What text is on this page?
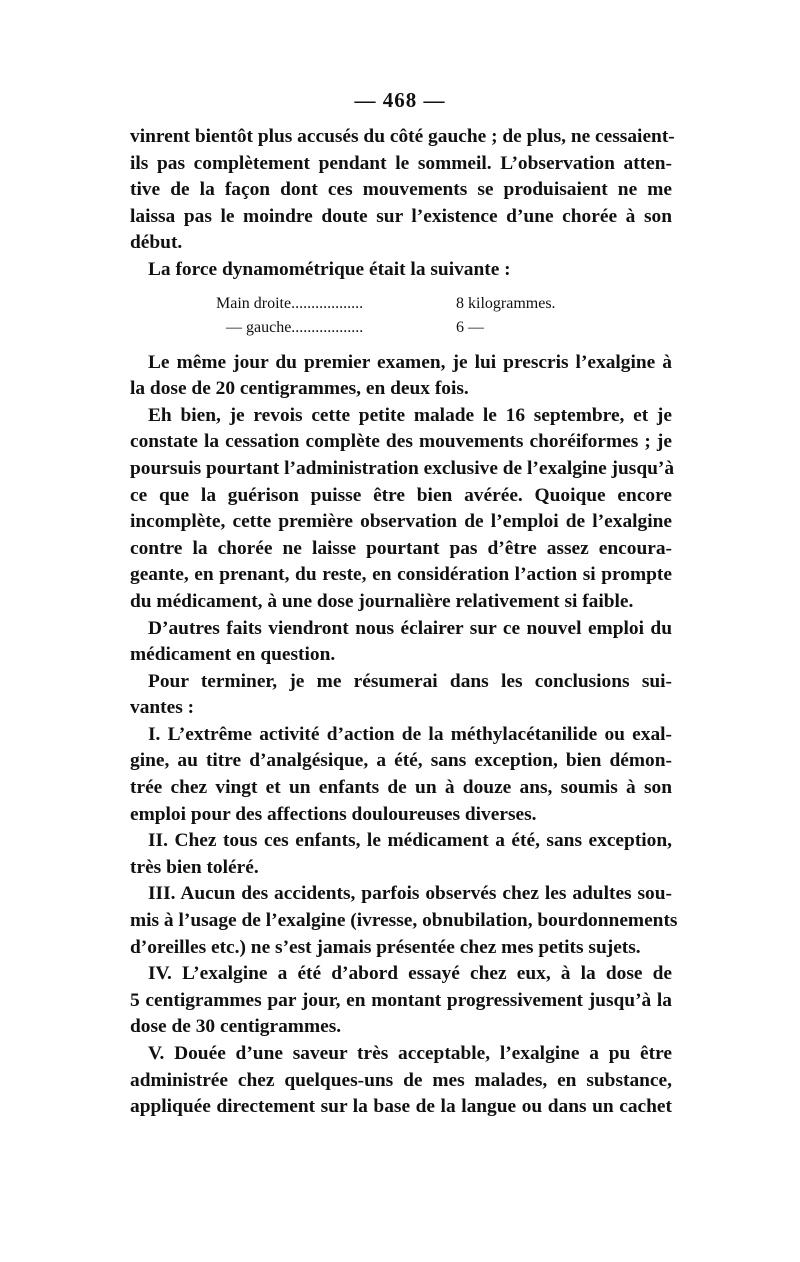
— 468 —
vinrent bientôt plus accusés du côté gauche ; de plus, ne cessaient-
ils pas complètement pendant le sommeil. L’observation atten-
tive de la façon dont ces mouvements se produisaient ne me
laissa pas le moindre doute sur l’existence d’une chorée à son
début.
La force dynamométrique était la suivante :
Main droite..................	8 kilogrammes.
— gauche..................	6 —
Le même jour du premier examen, je lui prescris l’exalgine à
la dose de 20 centigrammes, en deux fois.
Eh bien, je revois cette petite malade le 16 septembre, et je
constate la cessation complète des mouvements choréiformes ; je
poursuis pourtant l’administration exclusive de l’exalgine jusqu’à
ce que la guérison puisse être bien avérée. Quoique encore
incomplète, cette première observation de l’emploi de l’exalgine
contre la chorée ne laisse pourtant pas d’être assez encoura-
geante, en prenant, du reste, en considération l’action si prompte
du médicament, à une dose journalière relativement si faible.
D’autres faits viendront nous éclairer sur ce nouvel emploi du
médicament en question.
Pour terminer, je me résumerai dans les conclusions sui-
vantes :
I. L’extrême activité d’action de la méthylacétanilide ou exal-
gine, au titre d’analgésique, a été, sans exception, bien démon-
trée chez vingt et un enfants de un à douze ans, soumis à son
emploi pour des affections douloureuses diverses.
II. Chez tous ces enfants, le médicament a été, sans exception,
très bien toléré.
III. Aucun des accidents, parfois observés chez les adultes sou-
mis à l’usage de l’exalgine (ivresse, obnubilation, bourdonnements
d’oreilles etc.) ne s’est jamais présentée chez mes petits sujets.
IV. L’exalgine a été d’abord essayé chez eux, à la dose de
5 centigrammes par jour, en montant progressivement jusqu’à la
dose de 30 centigrammes.
V. Douée d’une saveur très acceptable, l’exalgine a pu être
administrée chez quelques-uns de mes malades, en substance,
appliquée directement sur la base de la langue ou dans un cachet
